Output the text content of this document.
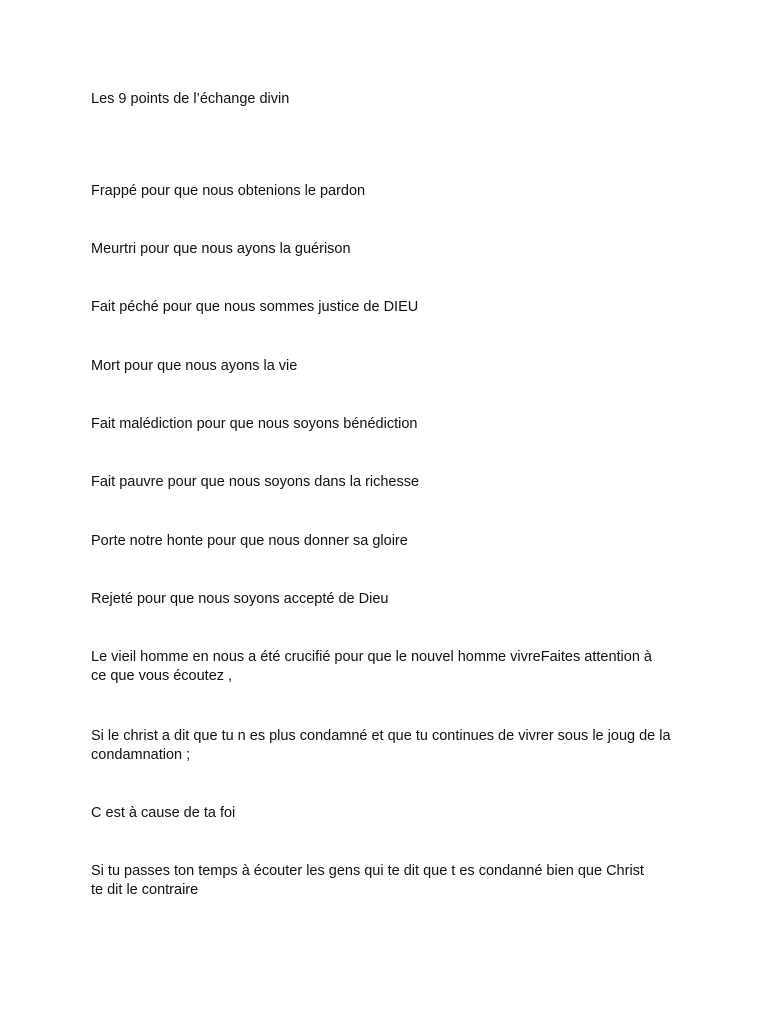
Les 9 points de l’échange divin

Frappé pour que nous obtenions le pardon

Meurtri pour que nous ayons la guérison

Fait péché pour que nous sommes justice de DIEU

Mort pour que nous ayons la vie

Fait malédiction pour que nous soyons bénédiction

Fait pauvre pour que nous soyons dans la richesse

Porte notre honte pour que nous donner sa gloire

Rejeté pour que nous soyons accepté de Dieu

Le vieil homme en nous a été crucifié pour que le nouvel homme vivreFaites attention à ce que vous écoutez ,

Si le christ a dit que tu n es plus condamné et que tu continues de vivrer sous le joug de la condamnation ;

C est à cause de ta foi

Si tu passes ton temps à écouter les gens qui te dit que t es condanné bien que Christ te dit le contraire
